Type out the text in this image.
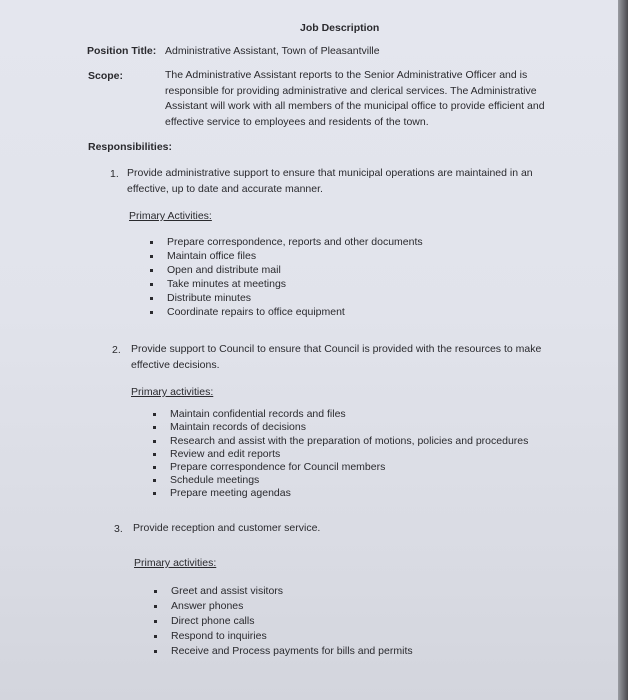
Job Description
Position Title: Administrative Assistant, Town of Pleasantville
Scope:	The Administrative Assistant reports to the Senior Administrative Officer and is
responsible for providing administrative and clerical services. The Administrative
Assistant will work with all members of the municipal office to provide efficient and
effective service to employees and residents of the town.
Responsibilities:
1. Provide administrative support to ensure that municipal operations are maintained in an
effective, up to date and accurate manner.
Primary Activities:
Prepare correspondence, reports and other documents
Maintain office files
Open and distribute mail
Take minutes at meetings
Distribute minutes
Coordinate repairs to office equipment
2. Provide support to Council to ensure that Council is provided with the resources to make
effective decisions.
Primary activities:
Maintain confidential records and files
Maintain records of decisions
Research and assist with the preparation of motions, policies and procedures
Review and edit reports
Prepare correspondence for Council members
Schedule meetings
Prepare meeting agendas
3. Provide reception and customer service.
Primary activities:
Greet and assist visitors
Answer phones
Direct phone calls
Respond to inquiries
Receive and Process payments for bills and permits
